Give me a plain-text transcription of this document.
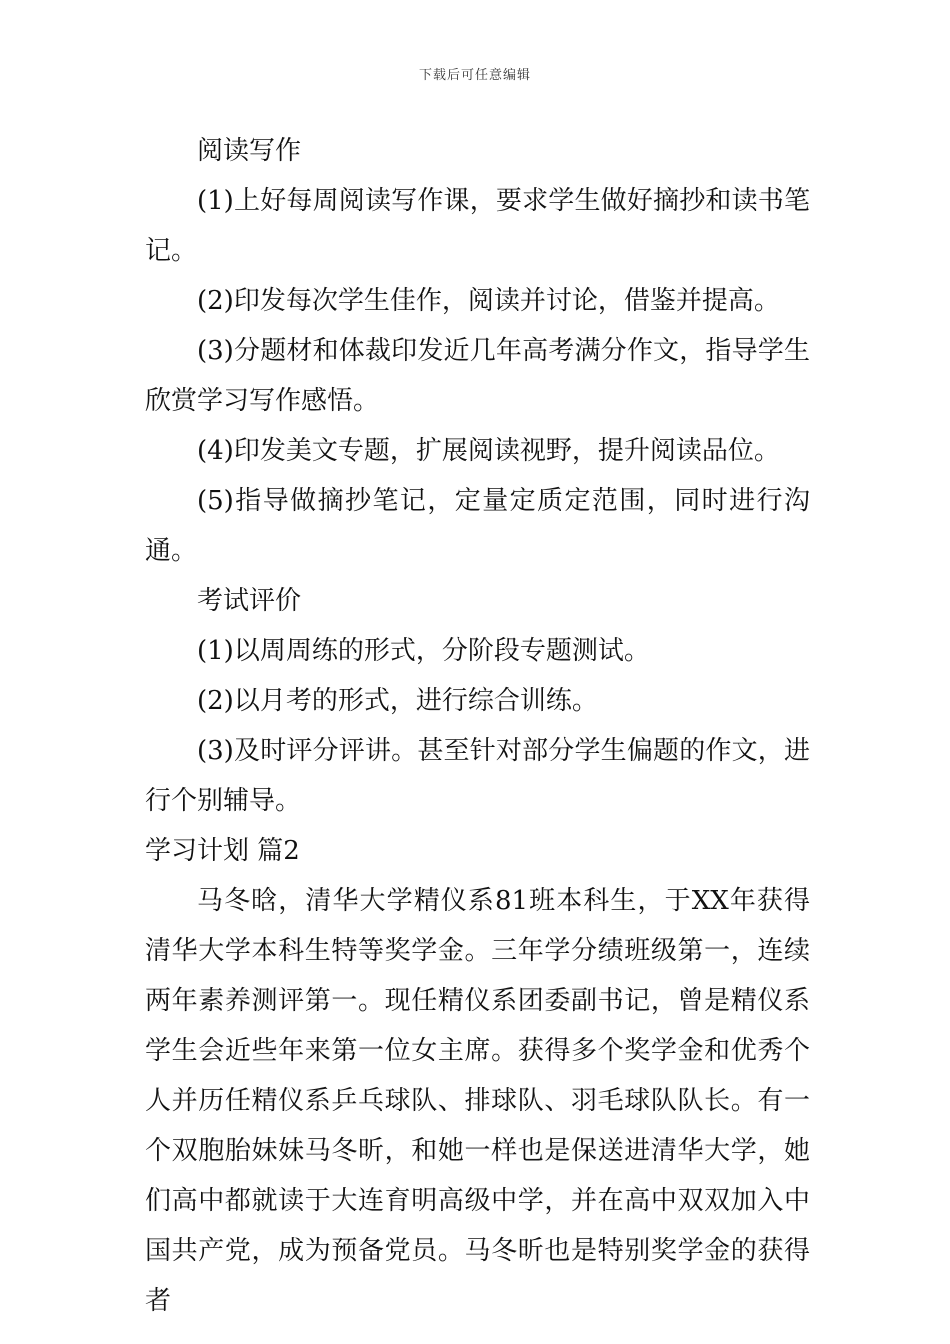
下载后可任意编辑

阅读写作

(1)上好每周阅读写作课，要求学生做好摘抄和读书笔记。

(2)印发每次学生佳作，阅读并讨论，借鉴并提高。

(3)分题材和体裁印发近几年高考满分作文，指导学生欣赏学习写作感悟。

(4)印发美文专题，扩展阅读视野，提升阅读品位。

(5)指导做摘抄笔记，定量定质定范围，同时进行沟通。

考试评价

(1)以周周练的形式，分阶段专题测试。

(2)以月考的形式，进行综合训练。

(3)及时评分评讲。甚至针对部分学生偏题的作文，进行个别辅导。

学习计划 篇2

马冬晗，清华大学精仪系81班本科生，于XX年获得清华大学本科生特等奖学金。三年学分绩班级第一，连续两年素养测评第一。现任精仪系团委副书记，曾是精仪系学生会近些年来第一位女主席。获得多个奖学金和优秀个人并历任精仪系乒乓球队、排球队、羽毛球队队长。有一个双胞胎妹妹马冬昕，和她一样也是保送进清华大学，她们高中都就读于大连育明高级中学，并在高中双双加入中国共产党，成为预备党员。马冬昕也是特别奖学金的获得者
